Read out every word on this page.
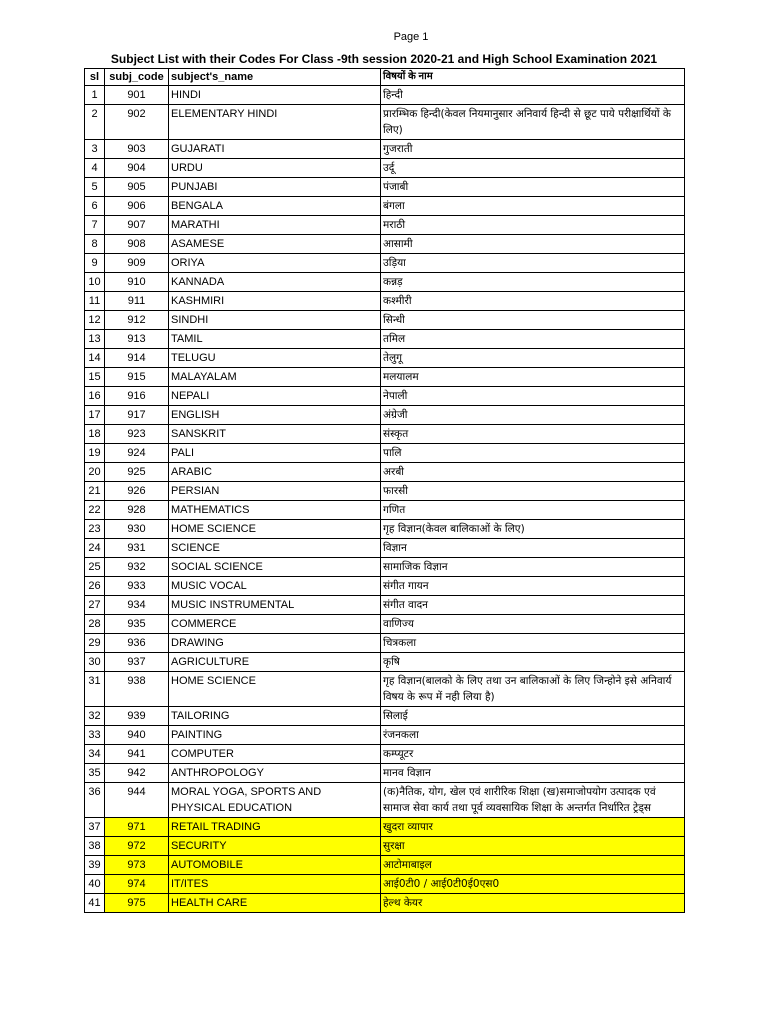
Page 1
Subject List with their Codes For Class -9th session 2020-21 and High School Examination 2021
sl	subj_code	subject's_name	विषयों के नाम
1	901	HINDI	हिन्दी
2	902	ELEMENTARY HINDI	प्रारम्भिक हिन्दी(केवल नियमानुसार अनिवार्य हिन्दी से छूट पाये परीक्षार्थियों के लिए)
3	903	GUJARATI	गुजराती
4	904	URDU	उर्दू
5	905	PUNJABI	पंजाबी
6	906	BENGALA	बंगला
7	907	MARATHI	मराठी
8	908	ASAMESE	आसामी
9	909	ORIYA	उड़िया
10	910	KANNADA	कन्नड़
11	911	KASHMIRI	कश्मीरी
12	912	SINDHI	सिन्धी
13	913	TAMIL	तमिल
14	914	TELUGU	तेलुगू
15	915	MALAYALAM	मलयालम
16	916	NEPALI	नेपाली
17	917	ENGLISH	अंग्रेजी
18	923	SANSKRIT	संस्कृत
19	924	PALI	पालि
20	925	ARABIC	अरबी
21	926	PERSIAN	फारसी
22	928	MATHEMATICS	गणित
23	930	HOME SCIENCE	गृह विज्ञान(केवल बालिकाओं के लिए)
24	931	SCIENCE	विज्ञान
25	932	SOCIAL SCIENCE	सामाजिक विज्ञान
26	933	MUSIC VOCAL	संगीत गायन
27	934	MUSIC INSTRUMENTAL	संगीत वादन
28	935	COMMERCE	वाणिज्य
29	936	DRAWING	चित्रकला
30	937	AGRICULTURE	कृषि
31	938	HOME SCIENCE	गृह विज्ञान(बालको के लिए तथा उन बालिकाओं के लिए जिन्होने इसे अनिवार्य विषय के रूप में नही लिया है)
32	939	TAILORING	सिलाई
33	940	PAINTING	रंजनकला
34	941	COMPUTER	कम्प्यूटर
35	942	ANTHROPOLOGY	मानव विज्ञान
36	944	MORAL YOGA, SPORTS AND PHYSICAL EDUCATION	(क)नैतिक, योग, खेल एवं शारीरिक शिक्षा (ख)समाजोपयोग उत्पादक एवं सामाज सेवा कार्य तथा पूर्व व्यवसायिक शिक्षा के अन्तर्गत निर्धारित ट्रेड्स
37	971	RETAIL TRADING	खुदरा व्यापार
38	972	SECURITY	सुरक्षा
39	973	AUTOMOBILE	आटोमाबाइल
40	974	IT/ITES	आई0टी0 / आई0टी0ई0एस0
41	975	HEALTH CARE	हेल्थ केयर
